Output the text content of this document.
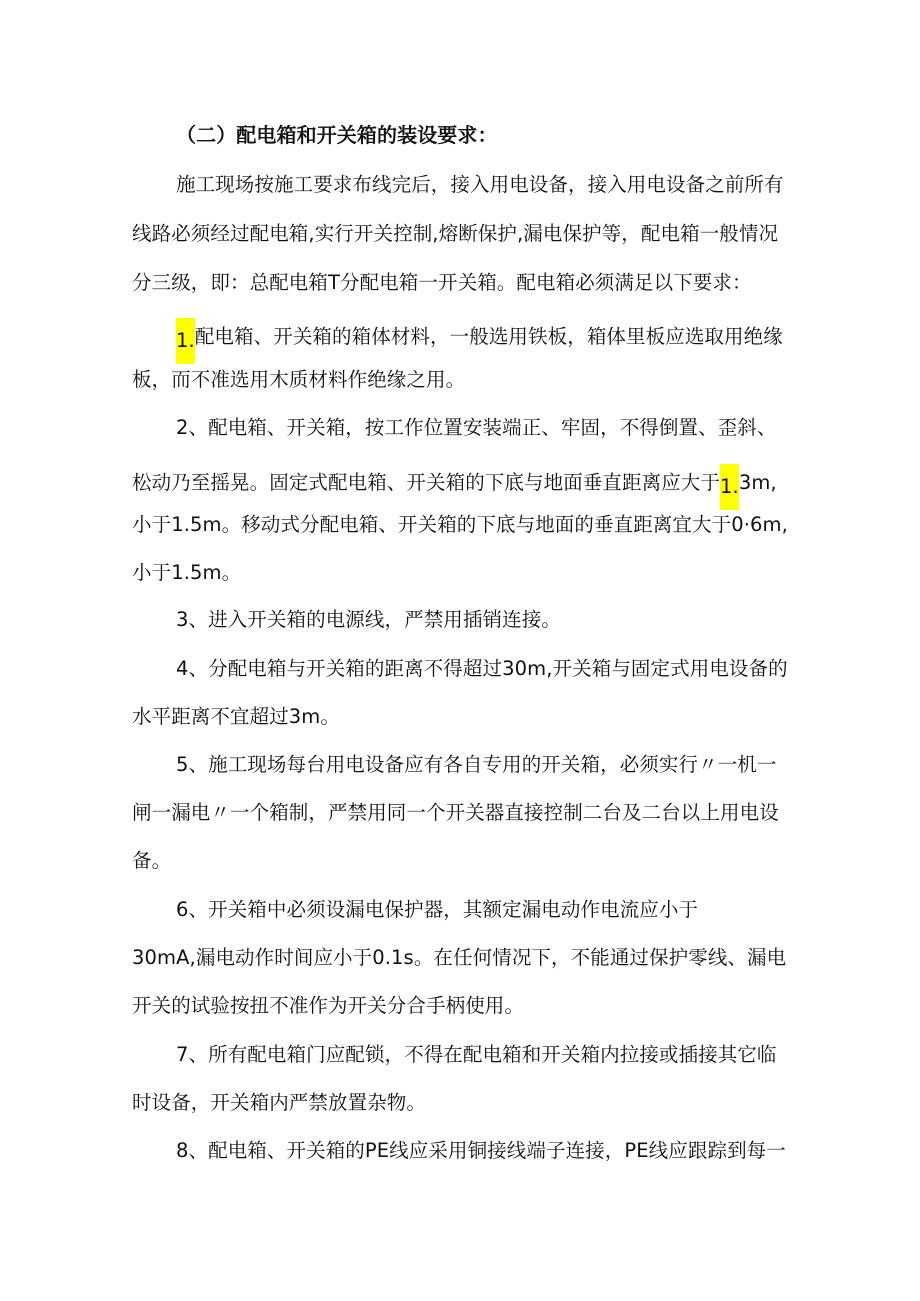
（二）配电箱和开关箱的装设要求：
施工现场按施工要求布线完后，接入用电设备，接入用电设备之前所有
线路必须经过配电箱,实行开关控制,熔断保护,漏电保护等，配电箱一般情况
分三级，即：总配电箱T分配电箱一开关箱。配电箱必须满足以下要求：
1.配电箱、开关箱的箱体材料，一般选用铁板，箱体里板应选取用绝缘
板，而不准选用木质材料作绝缘之用。
2、配电箱、开关箱，按工作位置安装端正、牢固，不得倒置、歪斜、
松动乃至摇晃。固定式配电箱、开关箱的下底与地面垂直距离应大于1.3m,
小于1.5m。移动式分配电箱、开关箱的下底与地面的垂直距离宜大于0·6m,
小于1.5m。
3、进入开关箱的电源线，严禁用插销连接。
4、分配电箱与开关箱的距离不得超过30m,开关箱与固定式用电设备的
水平距离不宜超过3m。
5、施工现场每台用电设备应有各自专用的开关箱，必须实行〃一机一
闸一漏电〃一个箱制，严禁用同一个开关器直接控制二台及二台以上用电设
备。
6、开关箱中必须设漏电保护器，其额定漏电动作电流应小于
30mA,漏电动作时间应小于0.1s。在任何情况下，不能通过保护零线、漏电
开关的试验按扭不准作为开关分合手柄使用。
7、所有配电箱门应配锁，不得在配电箱和开关箱内拉接或插接其它临
时设备，开关箱内严禁放置杂物。
8、配电箱、开关箱的PE线应采用铜接线端子连接，PE线应跟踪到每一
